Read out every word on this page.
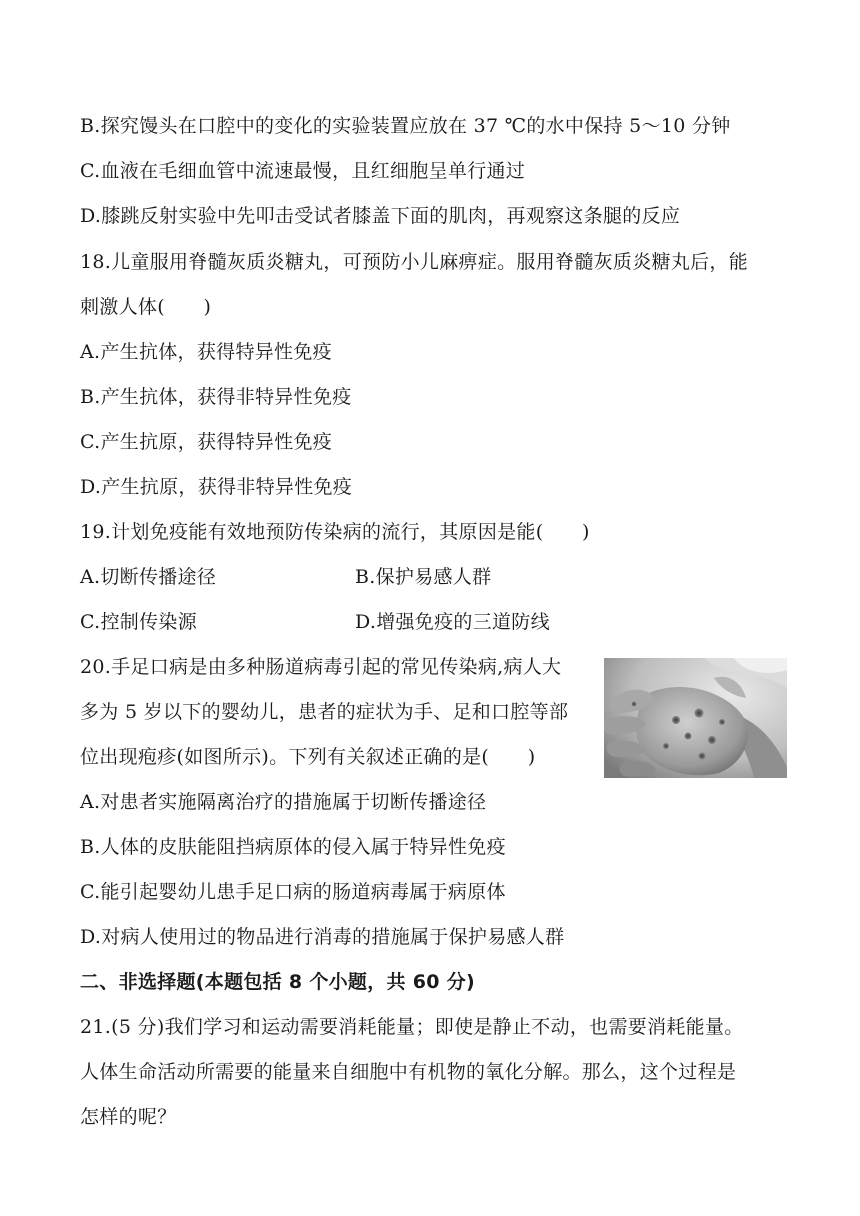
B.探究馒头在口腔中的变化的实验装置应放在 37 ℃的水中保持 5～10 分钟
C.血液在毛细血管中流速最慢，且红细胞呈单行通过
D.膝跳反射实验中先叩击受试者膝盖下面的肌肉，再观察这条腿的反应
18.儿童服用脊髓灰质炎糖丸，可预防小儿麻痹症。服用脊髓灰质炎糖丸后，能
刺激人体(　　)
A.产生抗体，获得特异性免疫
B.产生抗体，获得非特异性免疫
C.产生抗原，获得特异性免疫
D.产生抗原，获得非特异性免疫
19.计划免疫能有效地预防传染病的流行，其原因是能(　　)
A.切断传播途径	B.保护易感人群
C.控制传染源	D.增强免疫的三道防线
20.手足口病是由多种肠道病毒引起的常见传染病,病人大
多为 5 岁以下的婴幼儿，患者的症状为手、足和口腔等部
位出现疱疹(如图所示)。下列有关叙述正确的是(　　)
A.对患者实施隔离治疗的措施属于切断传播途径
B.人体的皮肤能阻挡病原体的侵入属于特异性免疫
C.能引起婴幼儿患手足口病的肠道病毒属于病原体
D.对病人使用过的物品进行消毒的措施属于保护易感人群
二、非选择题(本题包括 8 个小题，共 60 分)
21.(5 分)我们学习和运动需要消耗能量；即使是静止不动，也需要消耗能量。
人体生命活动所需要的能量来自细胞中有机物的氧化分解。那么，这个过程是
怎样的呢？
